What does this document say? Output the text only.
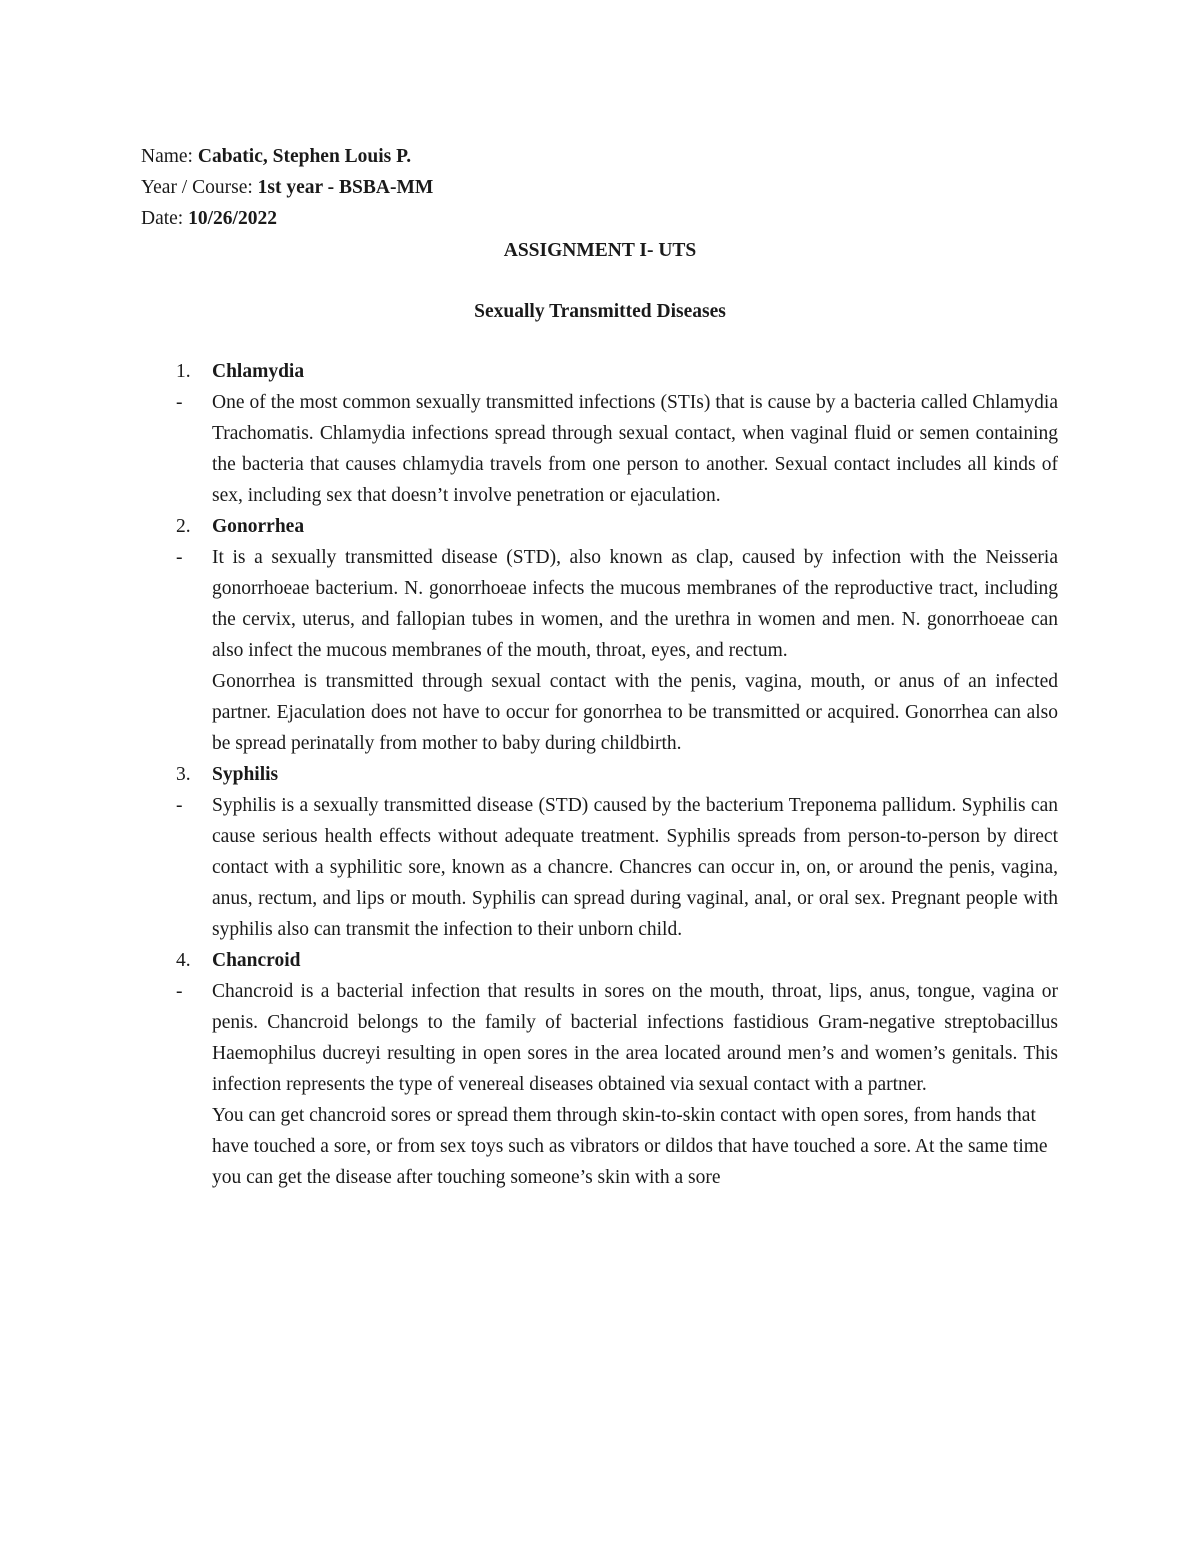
Name: Cabatic, Stephen Louis P.
Year / Course: 1st year - BSBA-MM
Date: 10/26/2022
ASSIGNMENT I- UTS
Sexually Transmitted Diseases
1. Chlamydia
- One of the most common sexually transmitted infections (STIs) that is cause by a bacteria called Chlamydia Trachomatis. Chlamydia infections spread through sexual contact, when vaginal fluid or semen containing the bacteria that causes chlamydia travels from one person to another. Sexual contact includes all kinds of sex, including sex that doesn’t involve penetration or ejaculation.
2. Gonorrhea
- It is a sexually transmitted disease (STD), also known as clap, caused by infection with the Neisseria gonorrhoeae bacterium. N. gonorrhoeae infects the mucous membranes of the reproductive tract, including the cervix, uterus, and fallopian tubes in women, and the urethra in women and men. N. gonorrhoeae can also infect the mucous membranes of the mouth, throat, eyes, and rectum.
Gonorrhea is transmitted through sexual contact with the penis, vagina, mouth, or anus of an infected partner. Ejaculation does not have to occur for gonorrhea to be transmitted or acquired. Gonorrhea can also be spread perinatally from mother to baby during childbirth.
3. Syphilis
- Syphilis is a sexually transmitted disease (STD) caused by the bacterium Treponema pallidum. Syphilis can cause serious health effects without adequate treatment. Syphilis spreads from person-to-person by direct contact with a syphilitic sore, known as a chancre. Chancres can occur in, on, or around the penis, vagina, anus, rectum, and lips or mouth. Syphilis can spread during vaginal, anal, or oral sex. Pregnant people with syphilis also can transmit the infection to their unborn child.
4. Chancroid
- Chancroid is a bacterial infection that results in sores on the mouth, throat, lips, anus, tongue, vagina or penis. Chancroid belongs to the family of bacterial infections fastidious Gram-negative streptobacillus Haemophilus ducreyi resulting in open sores in the area located around men’s and women’s genitals. This infection represents the type of venereal diseases obtained via sexual contact with a partner.
You can get chancroid sores or spread them through skin-to-skin contact with open sores, from hands that have touched a sore, or from sex toys such as vibrators or dildos that have touched a sore. At the same time you can get the disease after touching someone’s skin with a sore
